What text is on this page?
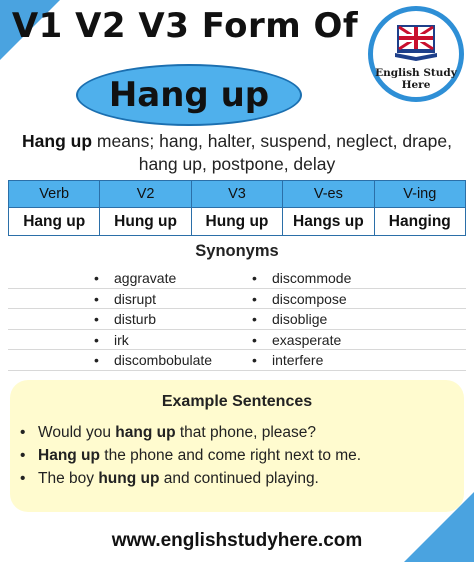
V1 V2 V3 Form Of
Hang up
English Study
Here
Hang up means; hang, halter, suspend, neglect, drape,
hang up, postpone, delay
Verb	V2	V3	V-es	V-ing
Hang up	Hung up	Hung up	Hangs up	Hanging
Synonyms
• aggravate	• discommode
• disrupt	• discompose
• disturb	• disoblige
• irk	• exasperate
• discombobulate	• interfere
Example Sentences
• Would you hang up that phone, please?
• Hang up the phone and come right next to me.
• The boy hung up and continued playing.
www.englishstudyhere.com
